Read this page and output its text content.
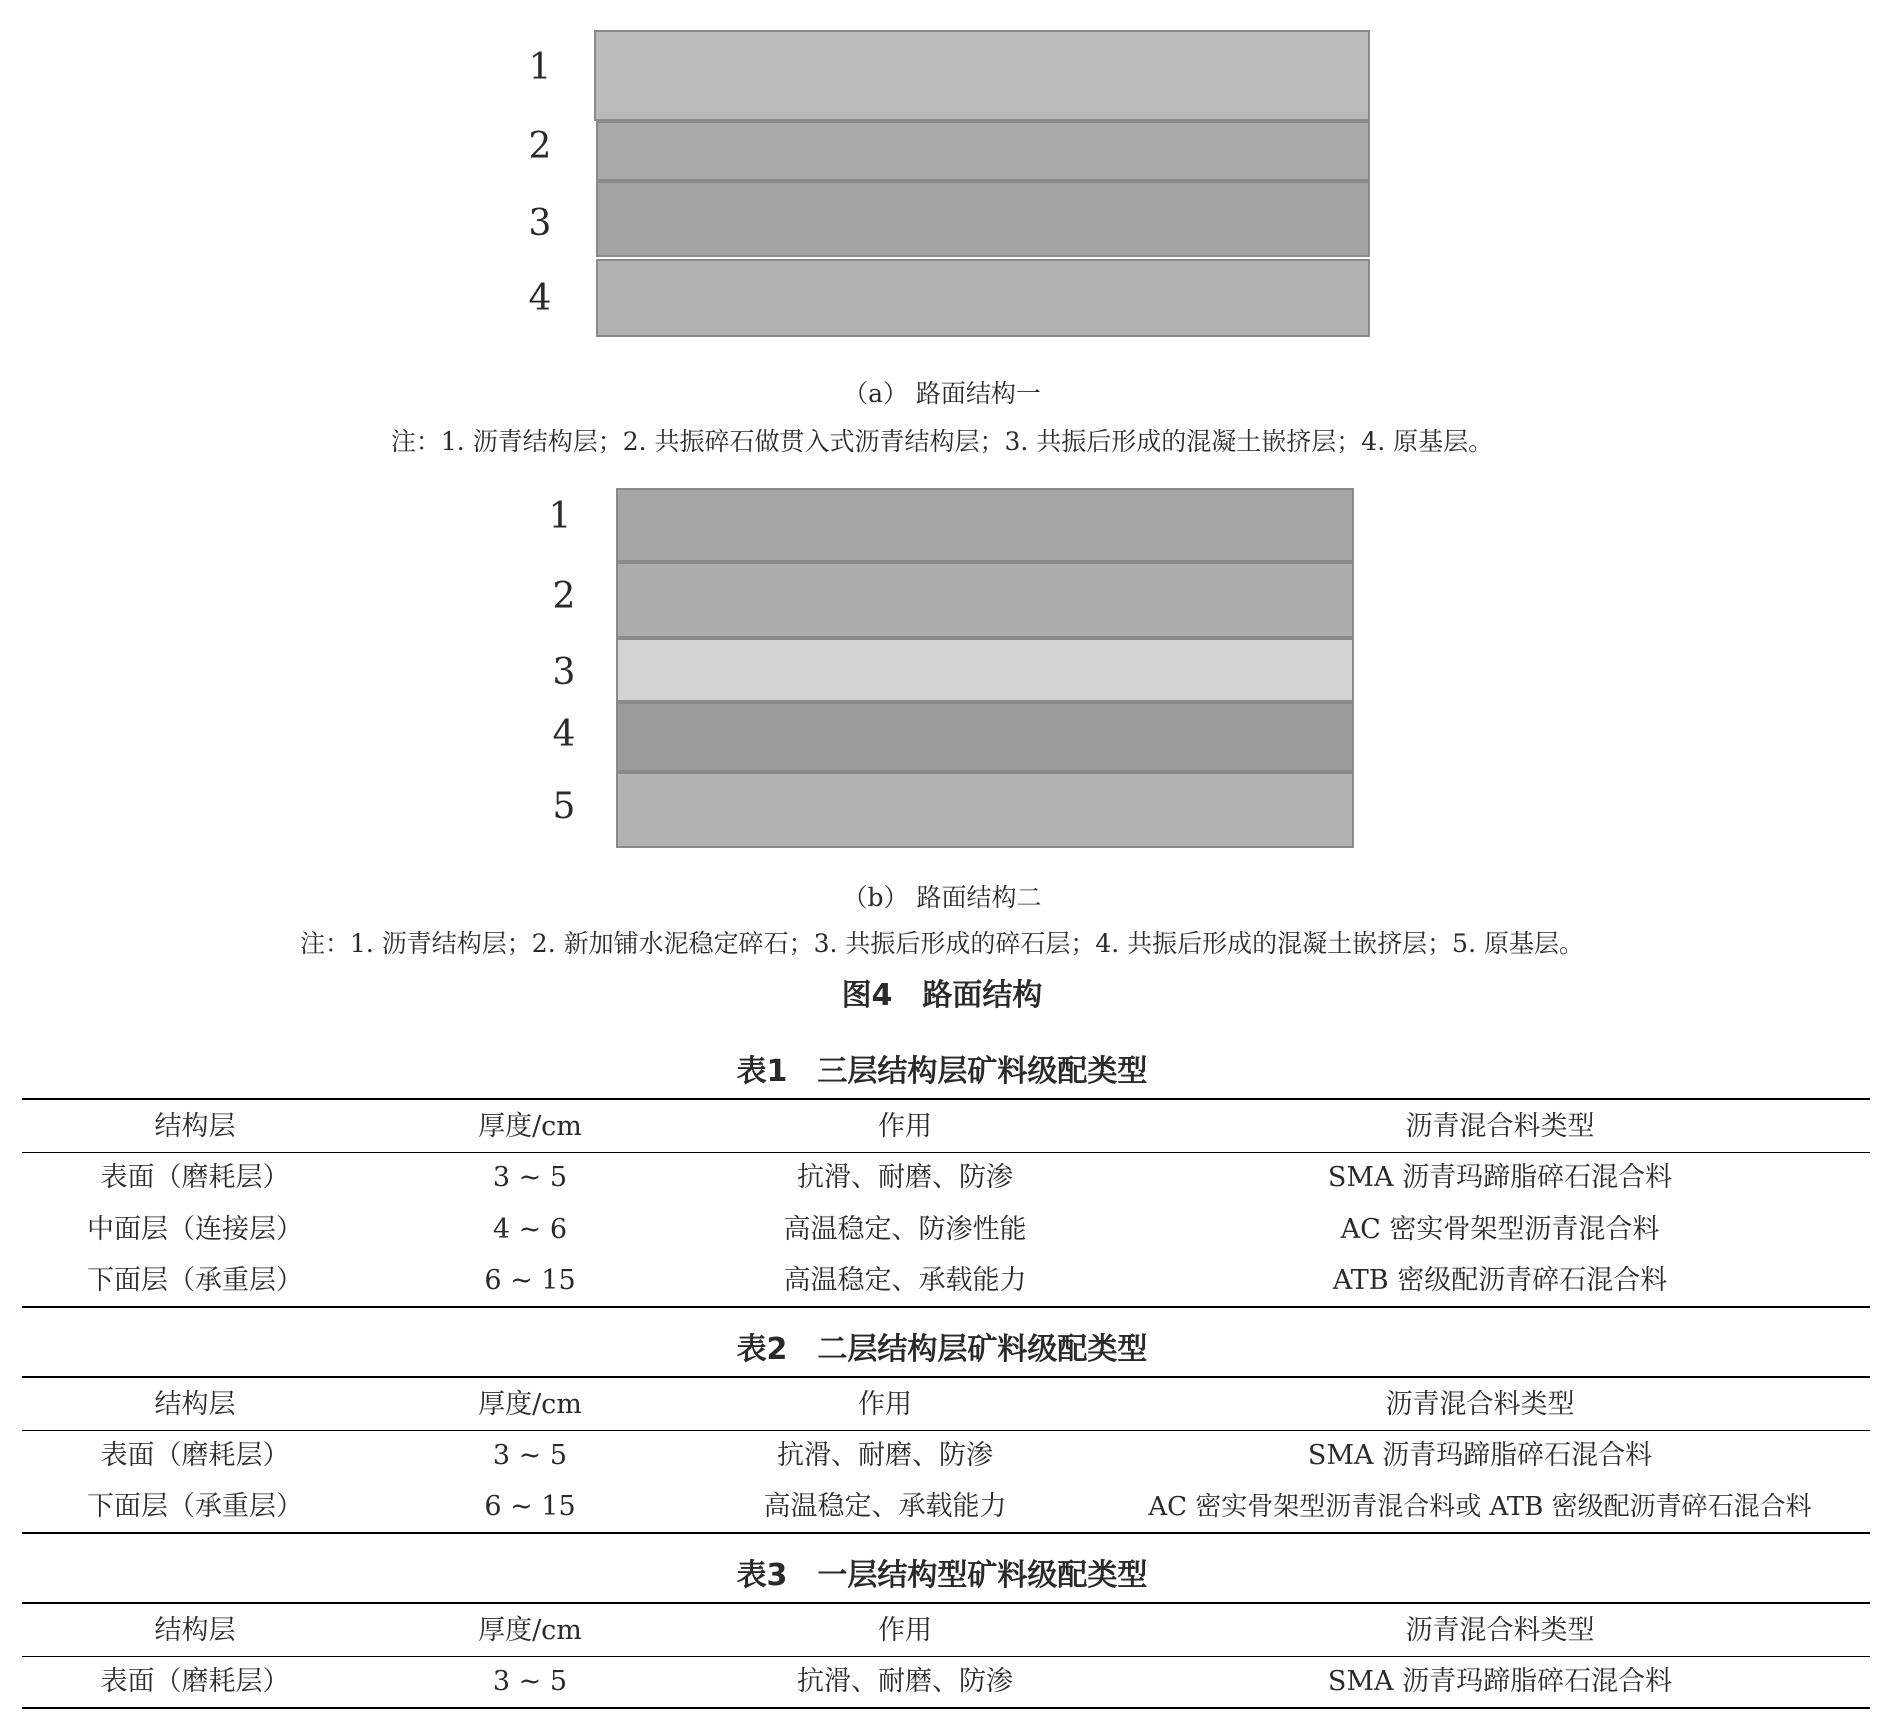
1
2
3
4
（a） 路面结构一
注：1. 沥青结构层；2. 共振碎石做贯入式沥青结构层；3. 共振后形成的混凝土嵌挤层；4. 原基层。
1
2
3
4
5
（b） 路面结构二
注：1. 沥青结构层；2. 新加铺水泥稳定碎石；3. 共振后形成的碎石层；4. 共振后形成的混凝土嵌挤层；5. 原基层。
图4　路面结构
表1　三层结构层矿料级配类型
结构层	厚度/cm	作用	沥青混合料类型
表面（磨耗层）	3 ~ 5	抗滑、耐磨、防渗	SMA 沥青玛蹄脂碎石混合料
中面层（连接层）	4 ~ 6	高温稳定、防渗性能	AC 密实骨架型沥青混合料
下面层（承重层）	6 ~ 15	高温稳定、承载能力	ATB 密级配沥青碎石混合料
表2　二层结构层矿料级配类型
结构层	厚度/cm	作用	沥青混合料类型
表面（磨耗层）	3 ~ 5	抗滑、耐磨、防渗	SMA 沥青玛蹄脂碎石混合料
下面层（承重层）	6 ~ 15	高温稳定、承载能力	AC 密实骨架型沥青混合料或 ATB 密级配沥青碎石混合料
表3　一层结构型矿料级配类型
结构层	厚度/cm	作用	沥青混合料类型
表面（磨耗层）	3 ~ 5	抗滑、耐磨、防渗	SMA 沥青玛蹄脂碎石混合料
